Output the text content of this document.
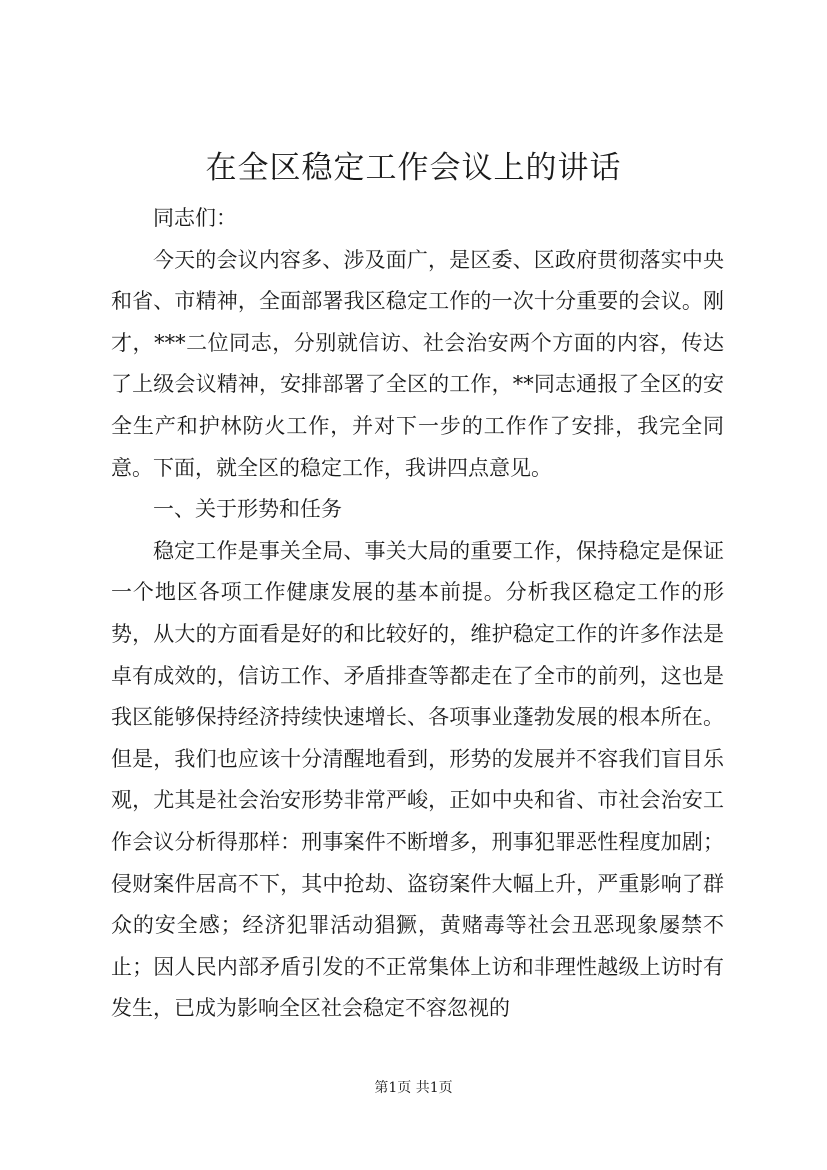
在全区稳定工作会议上的讲话

同志们：

今天的会议内容多、涉及面广，是区委、区政府贯彻落实中央和省、市精神，全面部署我区稳定工作的一次十分重要的会议。刚才，***二位同志，分别就信访、社会治安两个方面的内容，传达了上级会议精神，安排部署了全区的工作，**同志通报了全区的安全生产和护林防火工作，并对下一步的工作作了安排，我完全同意。下面，就全区的稳定工作，我讲四点意见。

一、关于形势和任务

稳定工作是事关全局、事关大局的重要工作，保持稳定是保证一个地区各项工作健康发展的基本前提。分析我区稳定工作的形势，从大的方面看是好的和比较好的，维护稳定工作的许多作法是卓有成效的，信访工作、矛盾排查等都走在了全市的前列，这也是我区能够保持经济持续快速增长、各项事业蓬勃发展的根本所在。但是，我们也应该十分清醒地看到，形势的发展并不容我们盲目乐观，尤其是社会治安形势非常严峻，正如中央和省、市社会治安工作会议分析得那样：刑事案件不断增多，刑事犯罪恶性程度加剧；侵财案件居高不下，其中抢劫、盗窃案件大幅上升，严重影响了群众的安全感；经济犯罪活动猖獗，黄赌毒等社会丑恶现象屡禁不止；因人民内部矛盾引发的不正常集体上访和非理性越级上访时有发生，已成为影响全区社会稳定不容忽视的

第1页 共1页
